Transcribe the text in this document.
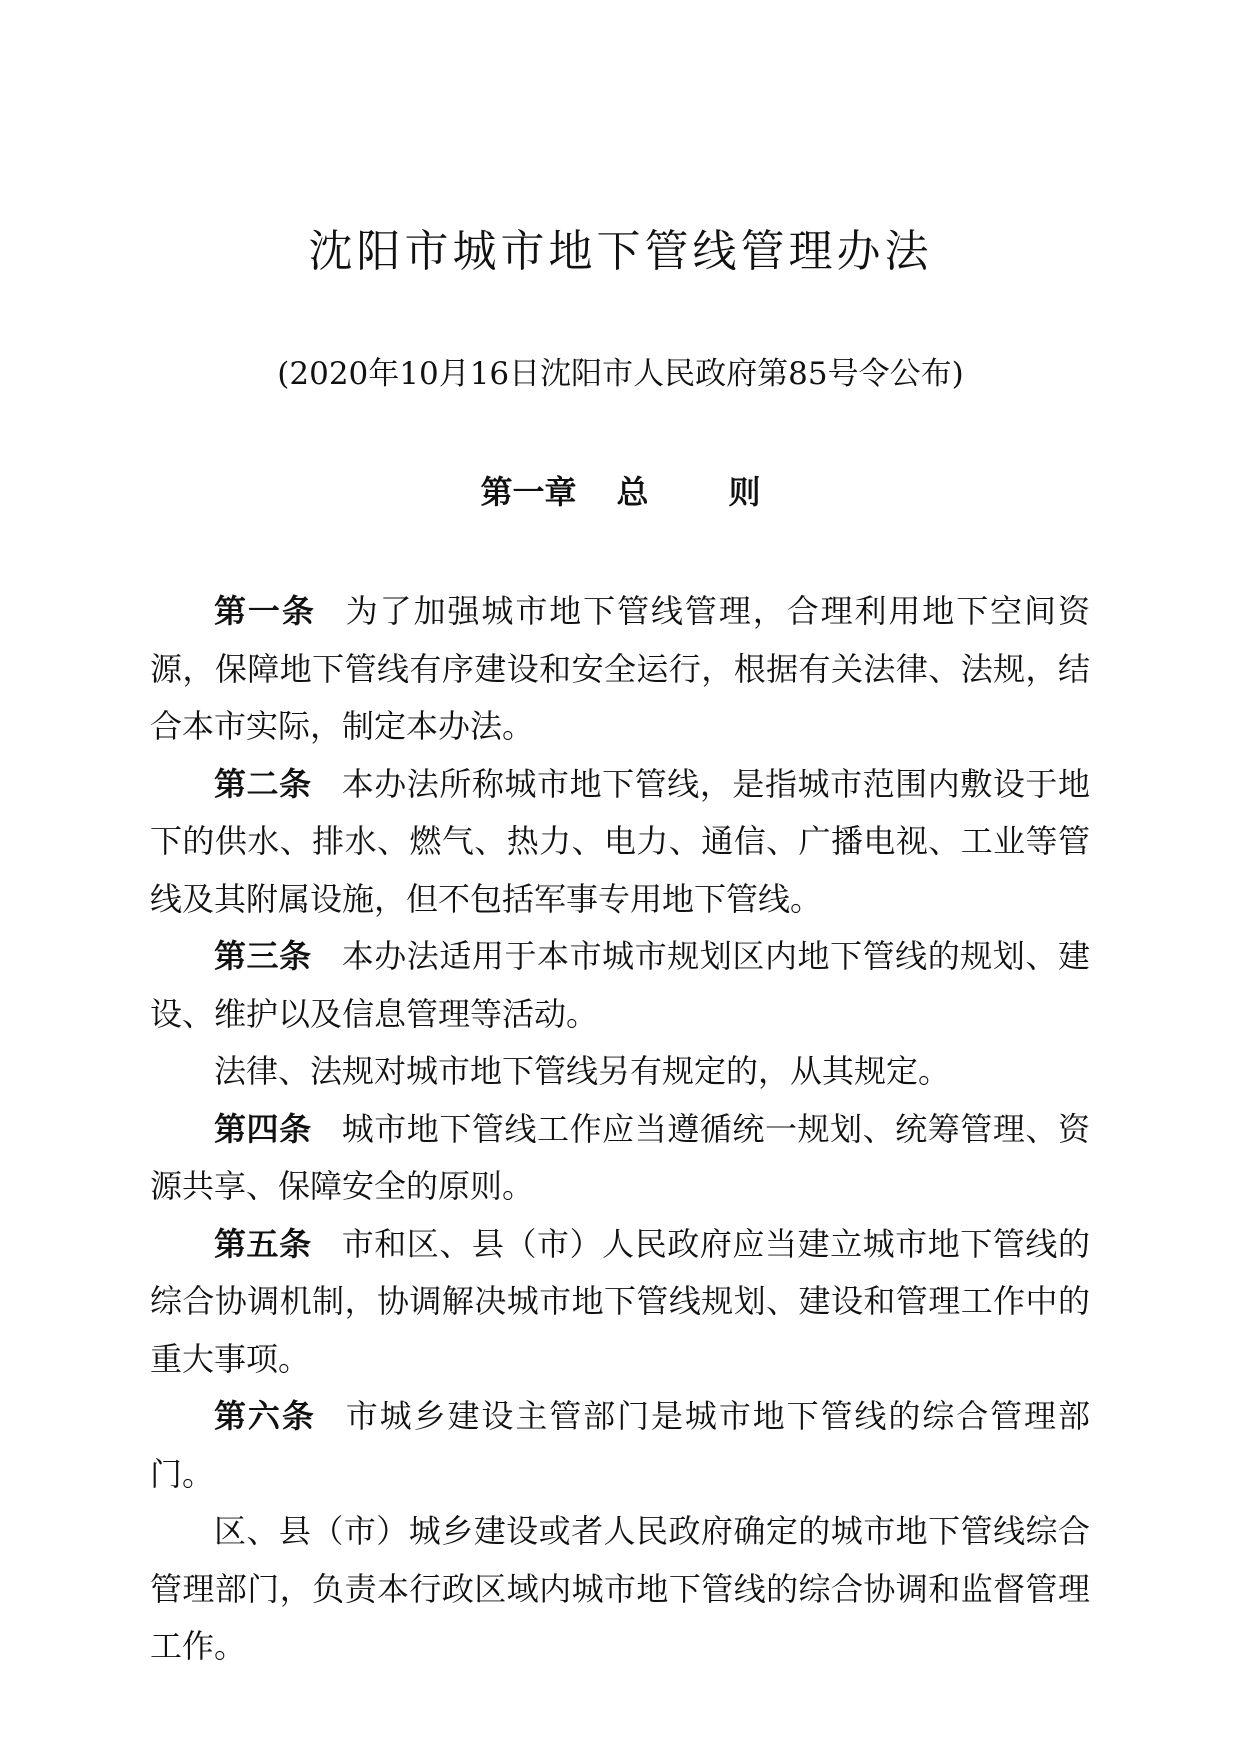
沈阳市城市地下管线管理办法
(2020年10月16日沈阳市人民政府第85号令公布)
第一章 总	则

第一条 为了加强城市地下管线管理，合理利用地下空间资源，保障地下管线有序建设和安全运行，根据有关法律、法规，结合本市实际，制定本办法。

第二条 本办法所称城市地下管线，是指城市范围内敷设于地下的供水、排水、燃气、热力、电力、通信、广播电视、工业等管线及其附属设施，但不包括军事专用地下管线。

第三条 本办法适用于本市城市规划区内地下管线的规划、建设、维护以及信息管理等活动。

法律、法规对城市地下管线另有规定的，从其规定。

第四条 城市地下管线工作应当遵循统一规划、统筹管理、资源共享、保障安全的原则。

第五条 市和区、县（市）人民政府应当建立城市地下管线的综合协调机制，协调解决城市地下管线规划、建设和管理工作中的重大事项。

第六条 市城乡建设主管部门是城市地下管线的综合管理部门。

区、县（市）城乡建设或者人民政府确定的城市地下管线综合管理部门，负责本行政区域内城市地下管线的综合协调和监督管理工作。
